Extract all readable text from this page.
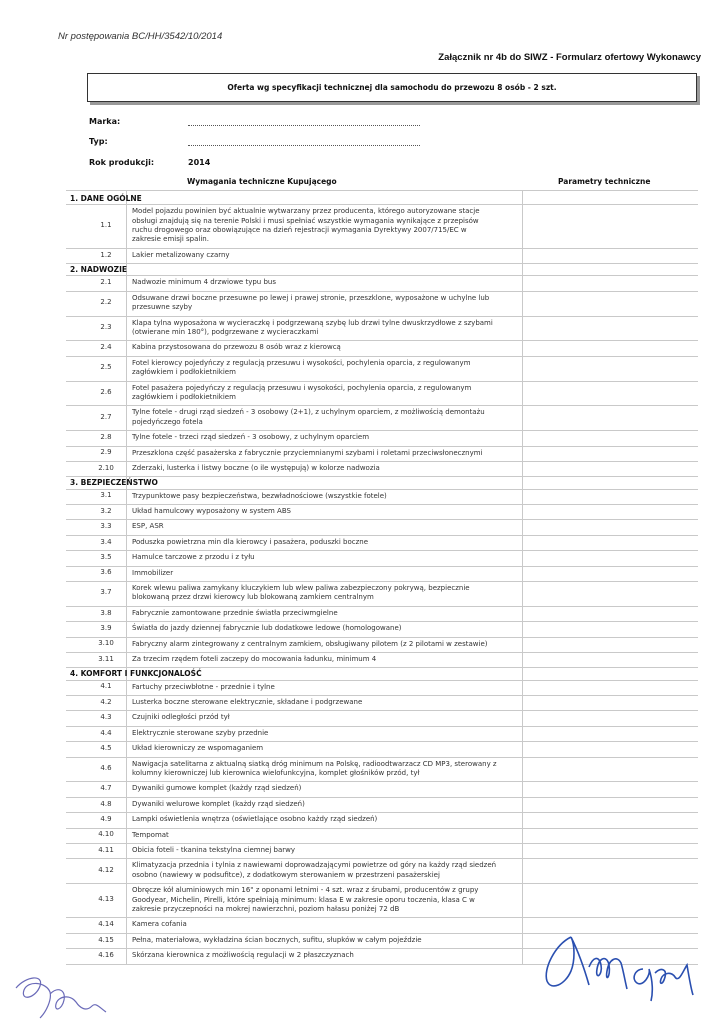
Nr postępowania BC/HH/3542/10/2014
Załącznik nr 4b do SIWZ - Formularz ofertowy Wykonawcy
Oferta wg specyfikacji technicznej dla samochodu do przewozu 8 osób - 2 szt.
Marka:
Typ:
Rok produkcji:	2014
Wymagania techniczne Kupującego	Parametry techniczne
1. DANE OGÓLNE
1.1
Model pojazdu powinien być aktualnie wytwarzany przez producenta, którego autoryzowane stacje
obsługi znajdują się na terenie Polski i musi spełniać wszystkie wymagania wynikające z przepisów
ruchu drogowego oraz obowiązujące na dzień rejestracji wymagania Dyrektywy 2007/715/EC w
zakresie emisji spalin.
1.2	Lakier metalizowany czarny
2. NADWOZIE
2.1	Nadwozie minimum 4 drzwiowe typu bus
2.2
Odsuwane drzwi boczne przesuwne po lewej i prawej stronie, przeszklone, wyposażone w uchylne lub
przesuwne szyby
2.3
Klapa tylna wyposażona w wycieraczkę i podgrzewaną szybę lub drzwi tylne dwuskrzydłowe z szybami
(otwierane min 180°), podgrzewane z wycieraczkami
2.4	Kabina przystosowana do przewozu 8 osób wraz z kierowcą
2.5
Fotel kierowcy pojedyńczy z regulacją przesuwu i wysokości, pochylenia oparcia, z regulowanym
zagłówkiem i podłokietnikiem
2.6
Fotel pasażera pojedyńczy z regulacją przesuwu i wysokości, pochylenia oparcia, z regulowanym
zagłówkiem i podłokietnikiem
2.7
Tylne fotele - drugi rząd siedzeń - 3 osobowy (2+1), z uchylnym oparciem, z możliwością demontażu
pojedyńczego fotela
2.8	Tylne fotele - trzeci rząd siedzeń - 3 osobowy, z uchylnym oparciem
2.9	Przeszklona część pasażerska z fabrycznie przyciemnianymi szybami i roletami przeciwsłonecznymi
2.10	Zderzaki, lusterka i listwy boczne (o ile występują) w kolorze nadwozia
3. BEZPIECZEŃSTWO
3.1	Trzypunktowe pasy bezpieczeństwa, bezwładnościowe (wszystkie fotele)
3.2	Układ hamulcowy wyposażony w system ABS
3.3	ESP, ASR
3.4	Poduszka powietrzna min dla kierowcy i pasażera, poduszki boczne
3.5	Hamulce tarczowe z przodu i z tyłu
3.6	Immobilizer
3.7
Korek wlewu paliwa zamykany kluczykiem lub wlew paliwa zabezpieczony pokrywą, bezpiecznie
blokowaną przez drzwi kierowcy lub blokowaną zamkiem centralnym
3.8	Fabrycznie zamontowane przednie światła przeciwmgielne
3.9	Światła do jazdy dziennej fabrycznie lub dodatkowe ledowe (homologowane)
3.10	Fabryczny alarm zintegrowany z centralnym zamkiem, obsługiwany pilotem (z 2 pilotami w zestawie)
3.11	Za trzecim rzędem foteli zaczepy do mocowania ładunku, minimum 4
4. KOMFORT I FUNKCJONALOŚĆ
4.1	Fartuchy przeciwbłotne - przednie i tylne
4.2	Lusterka boczne sterowane elektrycznie, składane i podgrzewane
4.3	Czujniki odległości przód tył
4.4	Elektrycznie sterowane szyby przednie
4.5	Układ kierowniczy ze wspomaganiem
4.6
Nawigacja satelitarna z aktualną siatką dróg minimum na Polskę, radioodtwarzacz CD MP3, sterowany z
kolumny kierowniczej lub kierownica wielofunkcyjna, komplet głośników przód, tył
4.7	Dywaniki gumowe komplet (każdy rząd siedzeń)
4.8	Dywaniki welurowe komplet (każdy rząd siedzeń)
4.9	Lampki oświetlenia wnętrza (oświetlające osobno każdy rząd siedzeń)
4.10	Tempomat
4.11	Obicia foteli - tkanina tekstylna ciemnej barwy
4.12
Klimatyzacja przednia i tylnia z nawiewami doprowadzającymi powietrze od góry na każdy rząd siedzeń
osobno (nawiewy w podsufitce), z dodatkowym sterowaniem w przestrzeni pasażerskiej
4.13
Obręcze kół aluminiowych min 16" z oponami letnimi - 4 szt. wraz z śrubami, producentów z grupy
Goodyear, Michelin, Pirelli, które spełniają minimum: klasa E w zakresie oporu toczenia, klasa C w
zakresie przyczepności na mokrej nawierzchni, poziom hałasu poniżej 72 dB
4.14	Kamera cofania
4.15	Pełna, materiałowa, wykładzina ścian bocznych, sufitu, słupków w całym pojeździe
4.16	Skórzana kierownica z możliwością regulacji w 2 płaszczyznach
